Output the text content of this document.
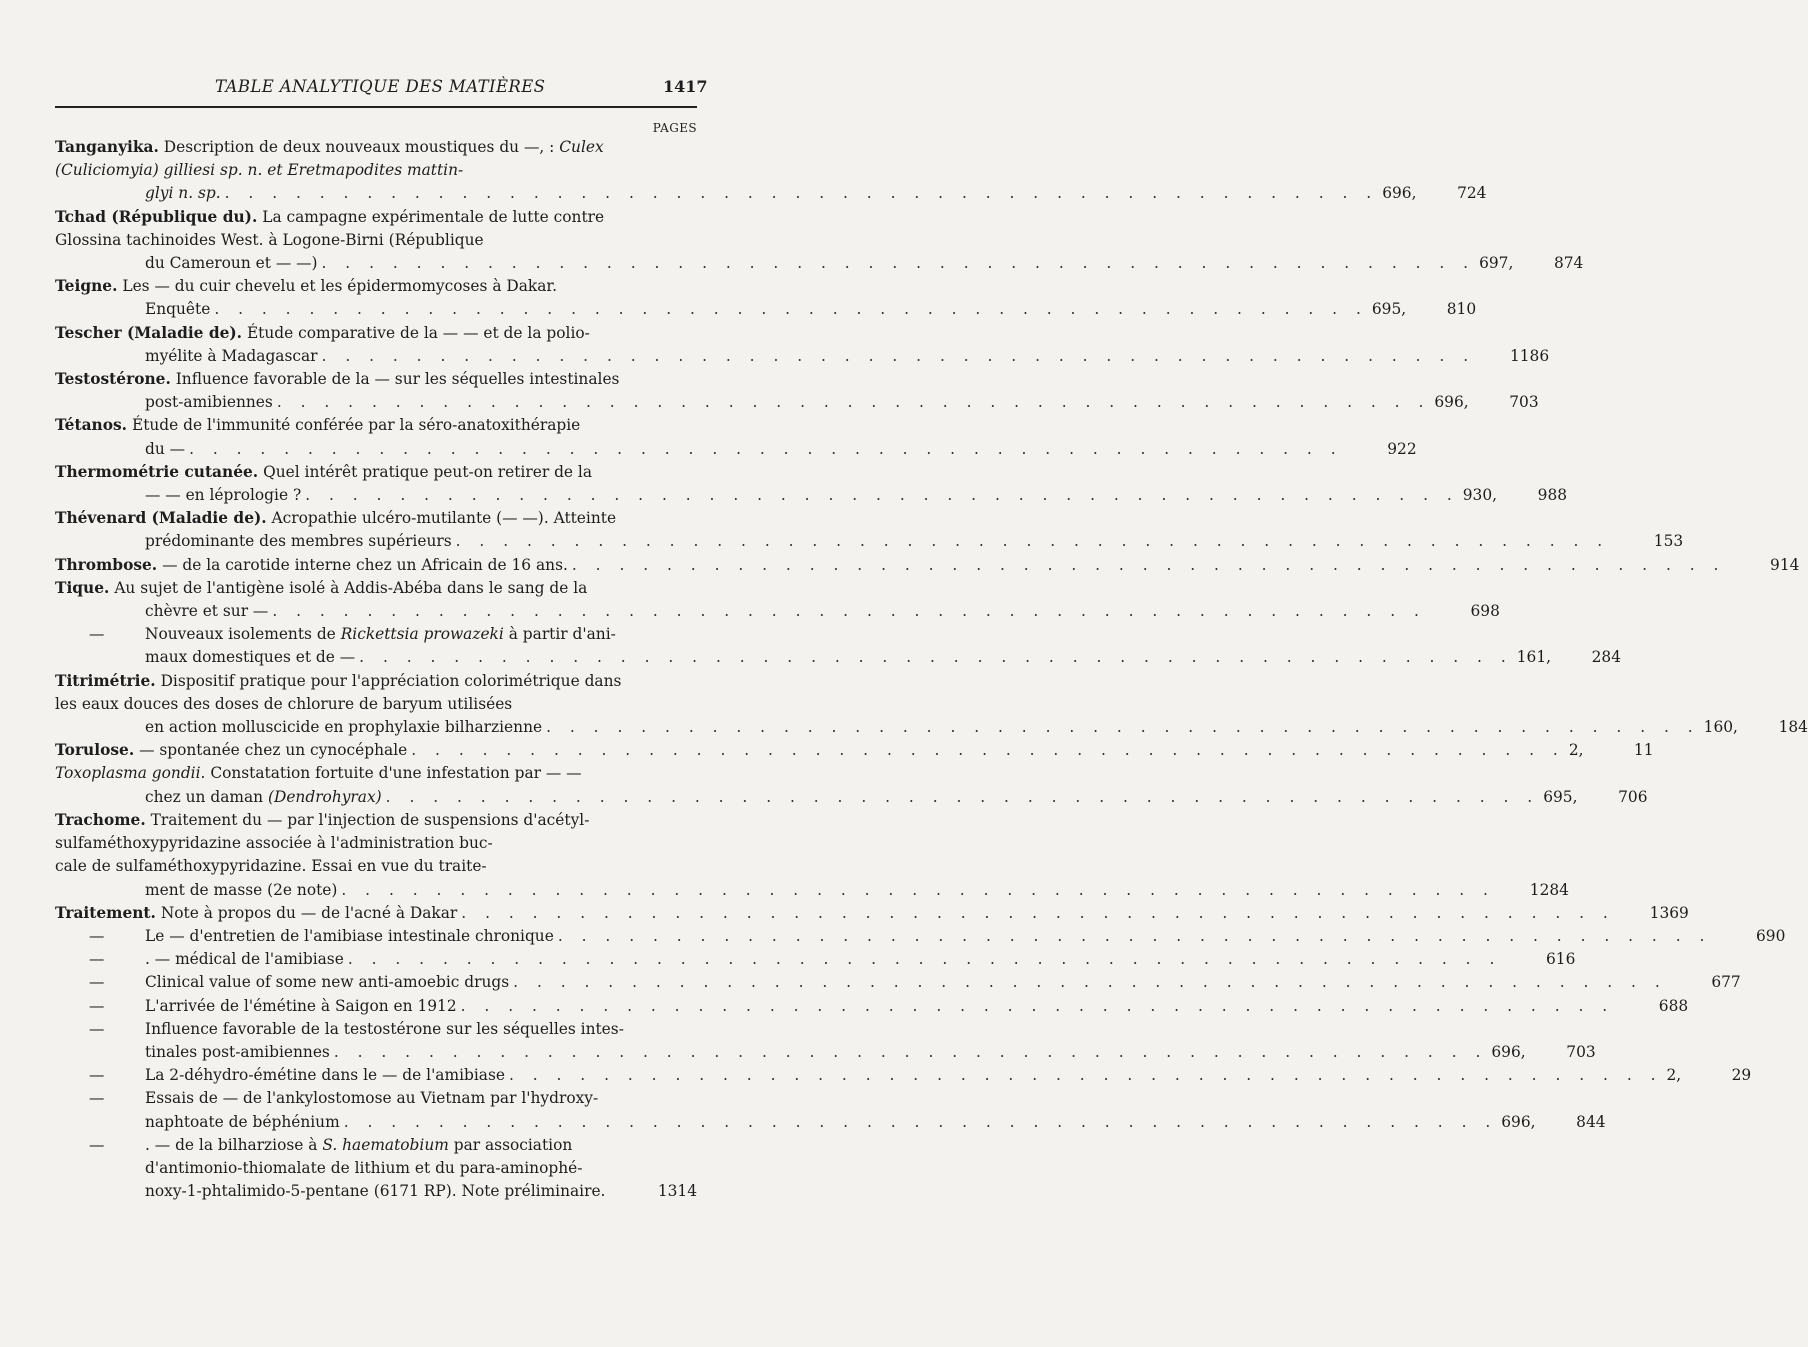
TABLE ANALYTIQUE DES MATIÈRES	1417
PAGES
Tanganyika. Description de deux nouveaux moustiques du —, : Culex
(Culiciomyia) gilliesi sp. n. et Eretmapodites mattin-
glyi n. sp. . . . . . . . . . . . . . . . . . . . . . . . . . . . . . . . . . . . . . . . . . . . . . . . . . 696,	724
Tchad (République du). La campagne expérimentale de lutte contre
Glossina tachinoides West. à Logone-Birni (République
du Cameroun et — —) . . . . . . . . . . . . . . . . . . . . . . . . . . . . . . . . . . . . . . . . . . . . . . . . . 697,	874
Teigne. Les — du cuir chevelu et les épidermomycoses à Dakar.
Enquête . . . . . . . . . . . . . . . . . . . . . . . . . . . . . . . . . . . . . . . . . . . . . . . . . 695,	810
Tescher (Maladie de). Étude comparative de la — — et de la polio-
myélite à Madagascar . . . . . . . . . . . . . . . . . . . . . . . . . . . . . . . . . . . . . . . . . . . . . . . . .	1186
Testostérone. Influence favorable de la — sur les séquelles intestinales
post-amibiennes . . . . . . . . . . . . . . . . . . . . . . . . . . . . . . . . . . . . . . . . . . . . . . . . . 696,	703
Tétanos. Étude de l'immunité conférée par la séro-anatoxithérapie
du — . . . . . . . . . . . . . . . . . . . . . . . . . . . . . . . . . . . . . . . . . . . . . . . . .	922
Thermométrie cutanée. Quel intérêt pratique peut-on retirer de la
— — en léprologie ? . . . . . . . . . . . . . . . . . . . . . . . . . . . . . . . . . . . . . . . . . . . . . . . . . 930,	988
Thévenard (Maladie de). Acropathie ulcéro-mutilante (— —). Atteinte
prédominante des membres supérieurs . . . . . . . . . . . . . . . . . . . . . . . . . . . . . . . . . . . . . . . . . . . . . . . . .	153
Thrombose. — de la carotide interne chez un Africain de 16 ans. . . . . . . . . . . . . . . . . . . . . . . . . . . . . . . . . . . . . . . . . . . . . . . . . .	914
Tique. Au sujet de l'antigène isolé à Addis-Abéba dans le sang de la
chèvre et sur — . . . . . . . . . . . . . . . . . . . . . . . . . . . . . . . . . . . . . . . . . . . . . . . . .	698
—	Nouveaux isolements de Rickettsia prowazeki à partir d'ani-
maux domestiques et de — . . . . . . . . . . . . . . . . . . . . . . . . . . . . . . . . . . . . . . . . . . . . . . . . . 161,	284
Titrimétrie. Dispositif pratique pour l'appréciation colorimétrique dans
les eaux douces des doses de chlorure de baryum utilisées
en action molluscicide en prophylaxie bilharzienne . . . . . . . . . . . . . . . . . . . . . . . . . . . . . . . . . . . . . . . . . . . . . . . . . 160,	184
Torulose. — spontanée chez un cynocéphale . . . . . . . . . . . . . . . . . . . . . . . . . . . . . . . . . . . . . . . . . . . . . . . . . 2,	11
Toxoplasma gondii. Constatation fortuite d'une infestation par — —
chez un daman (Dendrohyrax) . . . . . . . . . . . . . . . . . . . . . . . . . . . . . . . . . . . . . . . . . . . . . . . . . 695,	706
Trachome. Traitement du — par l'injection de suspensions d'acétyl-
sulfaméthoxypyridazine associée à l'administration buc-
cale de sulfaméthoxypyridazine. Essai en vue du traite-
ment de masse (2e note) . . . . . . . . . . . . . . . . . . . . . . . . . . . . . . . . . . . . . . . . . . . . . . . . .	1284
Traitement. Note à propos du — de l'acné à Dakar . . . . . . . . . . . . . . . . . . . . . . . . . . . . . . . . . . . . . . . . . . . . . . . . .	1369
—	Le — d'entretien de l'amibiase intestinale chronique . . . . . . . . . . . . . . . . . . . . . . . . . . . . . . . . . . . . . . . . . . . . . . . . .	690
—	. — médical de l'amibiase . . . . . . . . . . . . . . . . . . . . . . . . . . . . . . . . . . . . . . . . . . . . . . . . .	616
—	Clinical value of some new anti-amoebic drugs . . . . . . . . . . . . . . . . . . . . . . . . . . . . . . . . . . . . . . . . . . . . . . . . .	677
—	L'arrivée de l'émétine à Saigon en 1912 . . . . . . . . . . . . . . . . . . . . . . . . . . . . . . . . . . . . . . . . . . . . . . . . .	688
—	Influence favorable de la testostérone sur les séquelles intes-
tinales post-amibiennes . . . . . . . . . . . . . . . . . . . . . . . . . . . . . . . . . . . . . . . . . . . . . . . . . 696,	703
—	La 2-déhydro-émétine dans le — de l'amibiase . . . . . . . . . . . . . . . . . . . . . . . . . . . . . . . . . . . . . . . . . . . . . . . . . 2,	29
—	Essais de — de l'ankylostomose au Vietnam par l'hydroxy-
naphtoate de béphénium . . . . . . . . . . . . . . . . . . . . . . . . . . . . . . . . . . . . . . . . . . . . . . . . . 696,	844
—	. — de la bilharziose à S. haematobium par association
d'antimonio-thiomalate de lithium et du para-aminophé-
noxy-1-phtalimido-5-pentane (6171 RP). Note préliminaire.	1314
